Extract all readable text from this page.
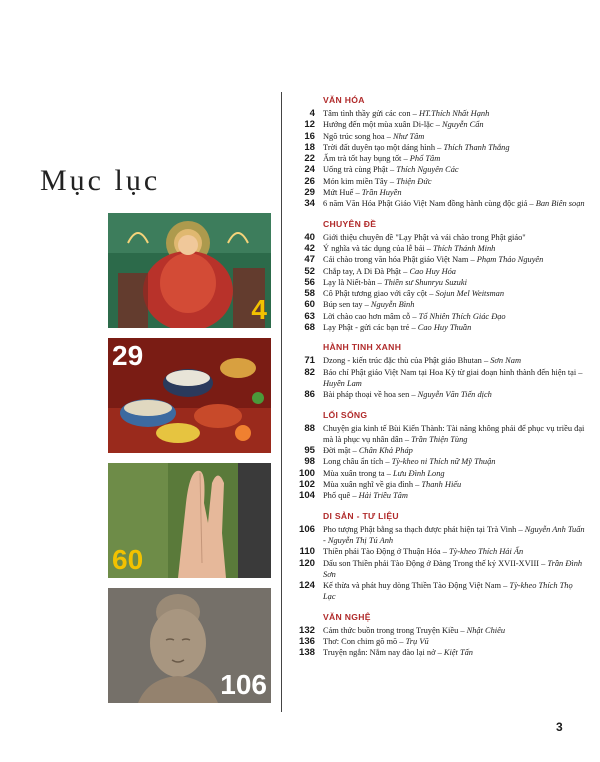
Mục lục
4
29
60
106
VĂN HÓA
4 Tâm tình thầy gửi các con – HT.Thích Nhất Hạnh
12 Hướng đến một mùa xuân Di-lặc – Nguyễn Cẩn
16 Ngõ trúc song hoa – Như Tâm
18 Trời đất duyên tạo một dáng hình – Thích Thanh Thắng
22 Ấm trà tốt hay bụng tốt – Phổ Tâm
24 Uống trà cùng Phật – Thích Nguyên Các
26 Món kim miền Tây – Thiện Đức
29 Mứt Huế – Trần Huyền
34 6 năm Văn Hóa Phật Giáo Việt Nam đồng hành cùng độc giả – Ban Biên soạn
CHUYÊN ĐỀ
40 Giới thiệu chuyên đề "Lạy Phật và vái chào trong Phật giáo"
42 Ý nghĩa và tác dụng của lễ bái – Thích Thánh Minh
47 Cái chào trong văn hóa Phật giáo Việt Nam – Phạm Thảo Nguyên
52 Chắp tay, A Di Đà Phật – Cao Huy Hóa
56 Lạy là Niết-bàn – Thiền sư Shunryu Suzuki
58 Cô Phật tương giao với cây cột – Sojun Mel Weitsman
60 Búp sen tay – Nguyễn Bình
63 Lời chào cao hơn mâm cỗ – Tổ Nhiên Thích Giác Đạo
68 Lạy Phật - gửi các bạn trẻ – Cao Huy Thuần
HÀNH TINH XANH
71 Dzong - kiến trúc đặc thù của Phật giáo Bhutan – Sơn Nam
82 Báo chí Phật giáo Việt Nam tại Hoa Kỳ từ giai đoạn hình thành đến hiện tại – Huyền Lam
86 Bài pháp thoại về hoa sen – Nguyễn Văn Tiến dịch
LỐI SỐNG
88 Chuyện gia kinh tế Bùi Kiến Thành: Tài năng không phải để phục vụ triều đại mà là phục vụ nhân dân – Trần Thiện Tùng
95 Đời mật – Chân Khả Pháp
98 Long châu ẩn tích – Tỳ-kheo ni Thích nữ Mỹ Thuận
100 Mùa xuân trong ta – Lưu Đình Long
102 Mùa xuân nghĩ về gia đình – Thanh Hiếu
104 Phố quê – Hải Triều Tâm
DI SẢN - TƯ LIỆU
106 Pho tượng Phật bằng sa thạch được phát hiện tại Trà Vinh – Nguyễn Anh Tuấn - Nguyễn Thị Tú Anh
110 Thiền phái Tào Động ở Thuận Hóa – Tỳ-kheo Thích Hải Ấn
120 Dấu son Thiền phái Tào Động ở Đàng Trong thế kỷ XVII-XVIII – Trần Đình Sơn
124 Kế thừa và phát huy dòng Thiền Tào Động Việt Nam – Tỳ-kheo Thích Thọ Lạc
VĂN NGHỆ
132 Cảm thức buồn trong trong Truyện Kiều – Nhật Chiêu
136 Thơ: Con chim gõ mõ – Trụ Vũ
138 Truyện ngắn: Nắm nay đào lại nở – Kiệt Tấn
3
